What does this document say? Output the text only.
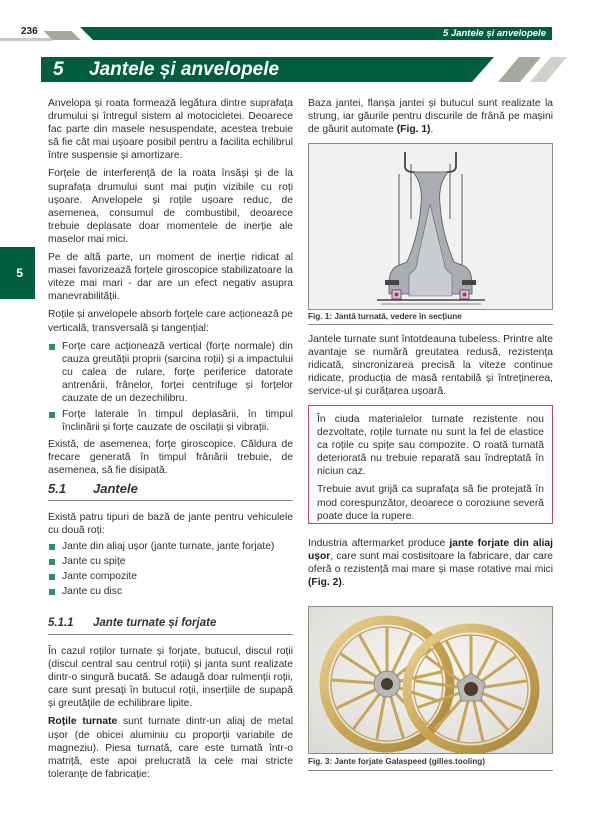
236	5 Jantele și anvelopele
5 Jantele și anvelopele
5

Anvelopa și roata formează legătura dintre suprafața drumului și întregul sistem al motocicletei. Deoarece fac parte din masele nesuspendate, acestea trebuie să fie cât mai ușoare posibil pentru a facilita echilibrul între suspensie și amortizare.

Forțele de interferență de la roata însăși și de la suprafața drumului sunt mai puțin vizibile cu roți ușoare. Anvelopele și roțile ușoare reduc, de asemenea, consumul de combustibil, deoarece trebuie deplasate doar momentele de inerție ale maselor mai mici.

Pe de altă parte, un moment de inerție ridicat al masei favorizează forțele giroscopice stabilizatoare la viteze mai mari - dar are un efect negativ asupra manevrabilității.

Roțile și anvelopele absorb forțele care acționează pe verticală, transversală și tangențial:

Forțe care acționează vertical (forțe normale) din cauza greutății proprii (sarcina roții) și a impactului cu calea de rulare, forțe periferice datorate antrenării, frânelor, forței centrifuge și forțelor cauzate de un dezechilibru.
Forțe laterale în timpul deplasării, în timpul înclinării și forțe cauzate de oscilații și vibrații.

Există, de asemenea, forțe giroscopice. Căldura de frecare generată în timpul frânării trebuie, de asemenea, să fie disipată.

5.1 Jantele

Există patru tipuri de bază de jante pentru vehiculele cu două roți:

Jante din aliaj ușor (jante turnate, jante forjate)
Jante cu spițe
Jante compozite
Jante cu disc
5.1.1 Jante turnate și forjate

În cazul roților turnate și forjate, butucul, discul roții (discul central sau centrul roții) și janta sunt realizate dintr-o singură bucată. Se adaugă doar rulmenții roții, care sunt presați în butucul roții, inserțiile de supapă și greutățile de echilibrare lipite.

Roțile turnate sunt turnate dintr-un aliaj de metal ușor (de obicei aluminiu cu proporții variabile de magneziu). Piesa turnată, care este turnată într-o matriță, este apoi prelucrată la cele mai stricte toleranțe de fabricație:

Baza jantei, flanșa jantei și butucul sunt realizate la strung, iar găurile pentru discurile de frână pe mașini de găurit automate (Fig. 1).

Fig. 1: Jantă turnată, vedere în secțiune

Jantele turnate sunt întotdeauna tubeless. Printre alte avantaje se numără greutatea redusă, rezistența ridicată, sincronizarea precisă la viteze continue ridicate, producția de masă rentabilă și întreținerea, service-ul și curățarea ușoară.

În ciuda materialelor turnate rezistente nou dezvoltate, roțile turnate nu sunt la fel de elastice ca roțile cu spițe sau compozite. O roată turnată deteriorată nu trebuie reparată sau îndreptată în niciun caz.

Trebuie avut grijă ca suprafața să fie protejată în mod corespunzător, deoarece o coroziune severă poate duce la rupere.

Industria aftermarket produce jante forjate din aliaj ușor, care sunt mai costisitoare la fabricare, dar care oferă o rezistență mai mare și mase rotative mai mici (Fig. 2).

Fig. 3: Jante forjate Galaspeed (gilles.tooling)
